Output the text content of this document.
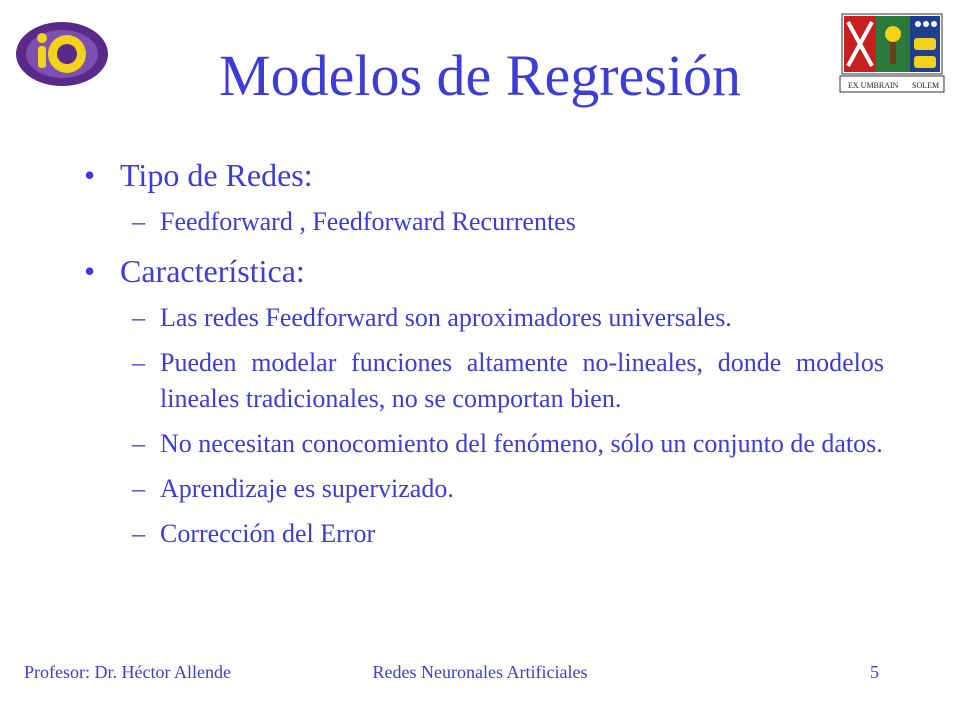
EX UMBRA IN SOLEM
Modelos de Regresión
• Tipo de Redes:
– Feedforward , Feedforward Recurrentes
• Característica:
– Las redes Feedforward son aproximadores universales.
– Pueden modelar funciones altamente no-lineales, donde modelos lineales tradicionales, no se comportan bien.
– No necesitan conocomiento del fenómeno, sólo un conjunto de datos.
– Aprendizaje es supervizado.
– Corrección del Error
Profesor: Dr. Héctor Allende	Redes Neuronales Artificiales	5
